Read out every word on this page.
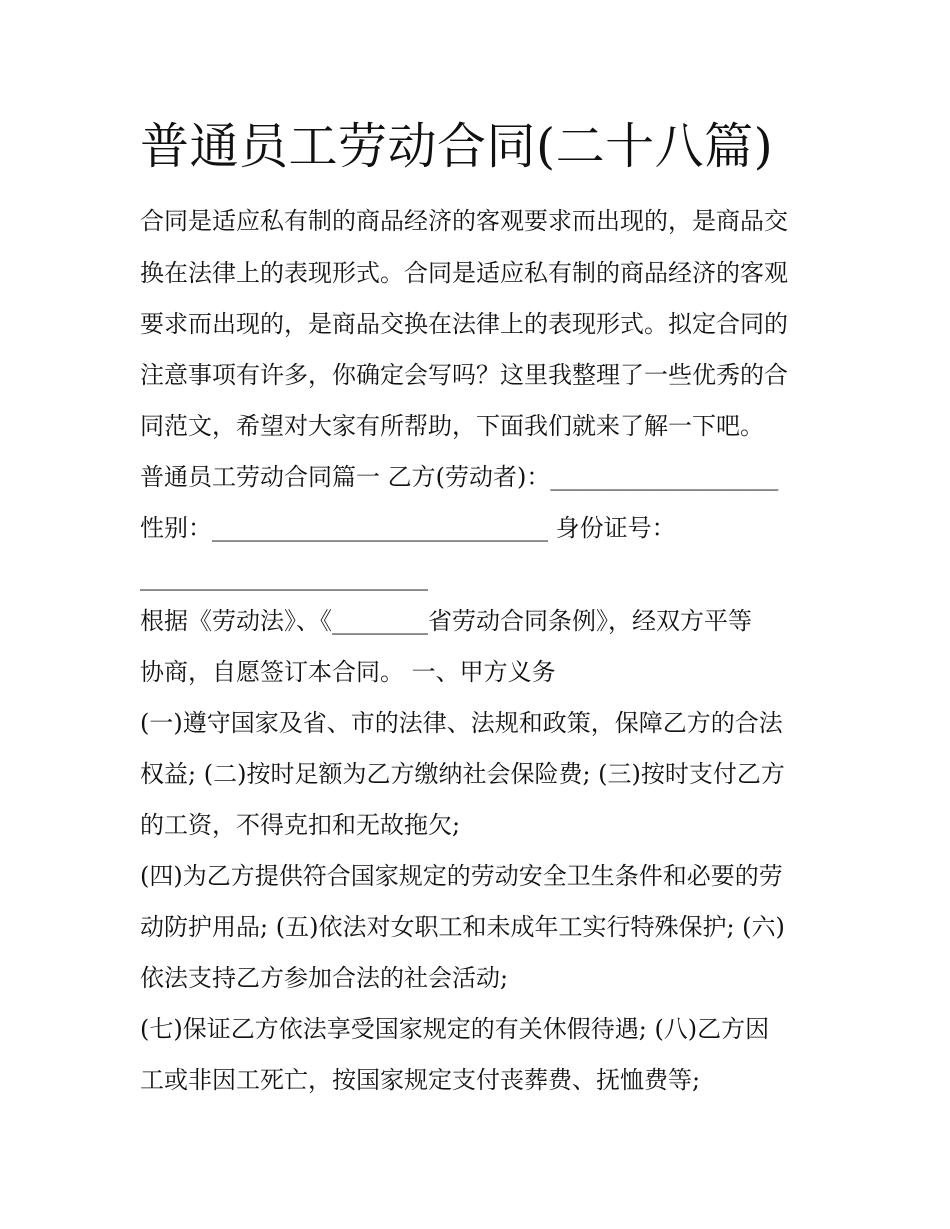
普通员工劳动合同(二十八篇)
合同是适应私有制的商品经济的客观要求而出现的，是商品交
换在法律上的表现形式。合同是适应私有制的商品经济的客观
要求而出现的，是商品交换在法律上的表现形式。拟定合同的
注意事项有许多，你确定会写吗？这里我整理了一些优秀的合
同范文，希望对大家有所帮助，下面我们就来了解一下吧。
普通员工劳动合同篇一 乙方(劳动者)：___________________
性别：____________________________ 身份证号：
________________________
根据《劳动法》、《________省劳动合同条例》，经双方平等
协商，自愿签订本合同。 一、甲方义务
(一)遵守国家及省、市的法律、法规和政策，保障乙方的合法
权益; (二)按时足额为乙方缴纳社会保险费; (三)按时支付乙方
的工资，不得克扣和无故拖欠;
(四)为乙方提供符合国家规定的劳动安全卫生条件和必要的劳
动防护用品; (五)依法对女职工和未成年工实行特殊保护; (六)
依法支持乙方参加合法的社会活动;
(七)保证乙方依法享受国家规定的有关休假待遇; (八)乙方因
工或非因工死亡，按国家规定支付丧葬费、抚恤费等;
